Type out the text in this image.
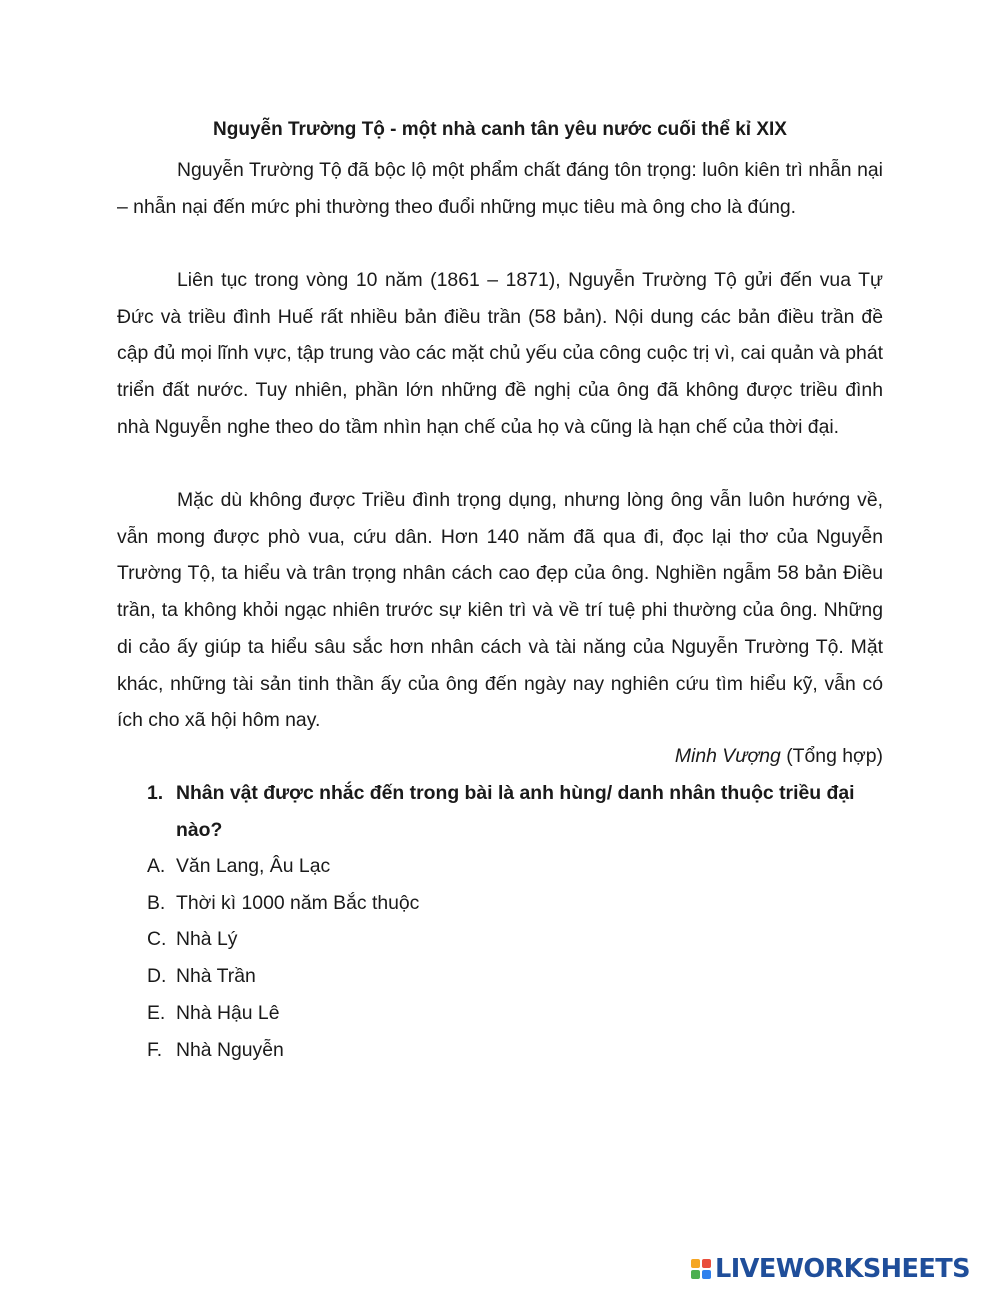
Nguyễn Trường Tộ - một nhà canh tân yêu nước cuối thể kỉ XIX

Nguyễn Trường Tộ đã bộc lộ một phẩm chất đáng tôn trọng: luôn kiên trì nhẫn nại – nhẫn nại đến mức phi thường theo đuổi những mục tiêu mà ông cho là đúng.

Liên tục trong vòng 10 năm (1861 – 1871), Nguyễn Trường Tộ gửi đến vua Tự Đức và triều đình Huế rất nhiều bản điều trần (58 bản). Nội dung các bản điều trần đề cập đủ mọi lĩnh vực, tập trung vào các mặt chủ yếu của công cuộc trị vì, cai quản và phát triển đất nước. Tuy nhiên, phần lớn những đề nghị của ông đã không được triều đình nhà Nguyễn nghe theo do tầm nhìn hạn chế của họ và cũng là hạn chế của thời đại.

Mặc dù không được Triều đình trọng dụng, nhưng lòng ông vẫn luôn hướng về, vẫn mong được phò vua, cứu dân. Hơn 140 năm đã qua đi, đọc lại thơ của Nguyễn Trường Tộ, ta hiểu và trân trọng nhân cách cao đẹp của ông. Nghiền ngẫm 58 bản Điều trần, ta không khỏi ngạc nhiên trước sự kiên trì và về trí tuệ phi thường của ông. Những di cảo ấy giúp ta hiểu sâu sắc hơn nhân cách và tài năng của Nguyễn Trường Tộ. Mặt khác, những tài sản tinh thần ấy của ông đến ngày nay nghiên cứu tìm hiểu kỹ, vẫn có ích cho xã hội hôm nay.

Minh Vượng (Tổng hợp)
1. Nhân vật được nhắc đến trong bài là anh hùng/ danh nhân thuộc triều đại nào?
A. Văn Lang, Âu Lạc
B. Thời kì 1000 năm Bắc thuộc
C. Nhà Lý
D. Nhà Trần
E. Nhà Hậu Lê
F. Nhà Nguyễn
LIVEWORKSHEETS
